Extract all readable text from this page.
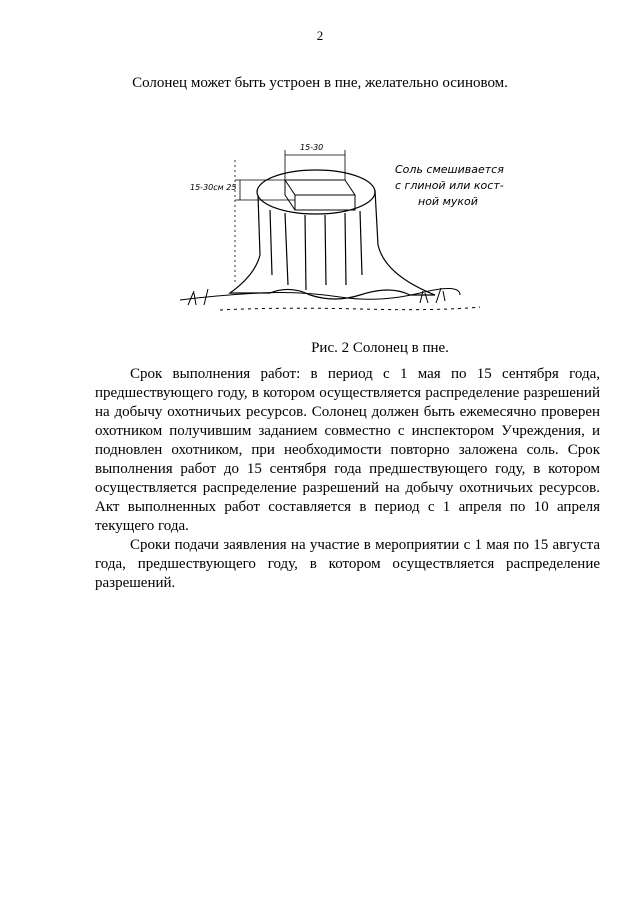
2
Солонец может быть устроен в пне, желательно осиновом.
15-30
15-30см 25
Соль смешивается
с глиной или кост-
ной мукой
Рис. 2 Солонец в пне.

Срок выполнения работ: в период с 1 мая по 15 сентября года, предшествующего году, в котором осуществляется распределение разрешений на добычу охотничьих ресурсов. Солонец должен быть ежемесячно проверен охотником получившим заданием совместно с инспектором Учреждения, и подновлен охотником, при необходимости повторно заложена соль. Срок выполнения работ до 15 сентября года предшествующего году, в котором осуществляется распределение разрешений на добычу охотничьих ресурсов. Акт выполненных работ составляется в период с 1 апреля по 10 апреля текущего года.

Сроки подачи заявления на участие в мероприятии с 1 мая по 15 августа года, предшествующего году, в котором осуществляется распределение разрешений.
